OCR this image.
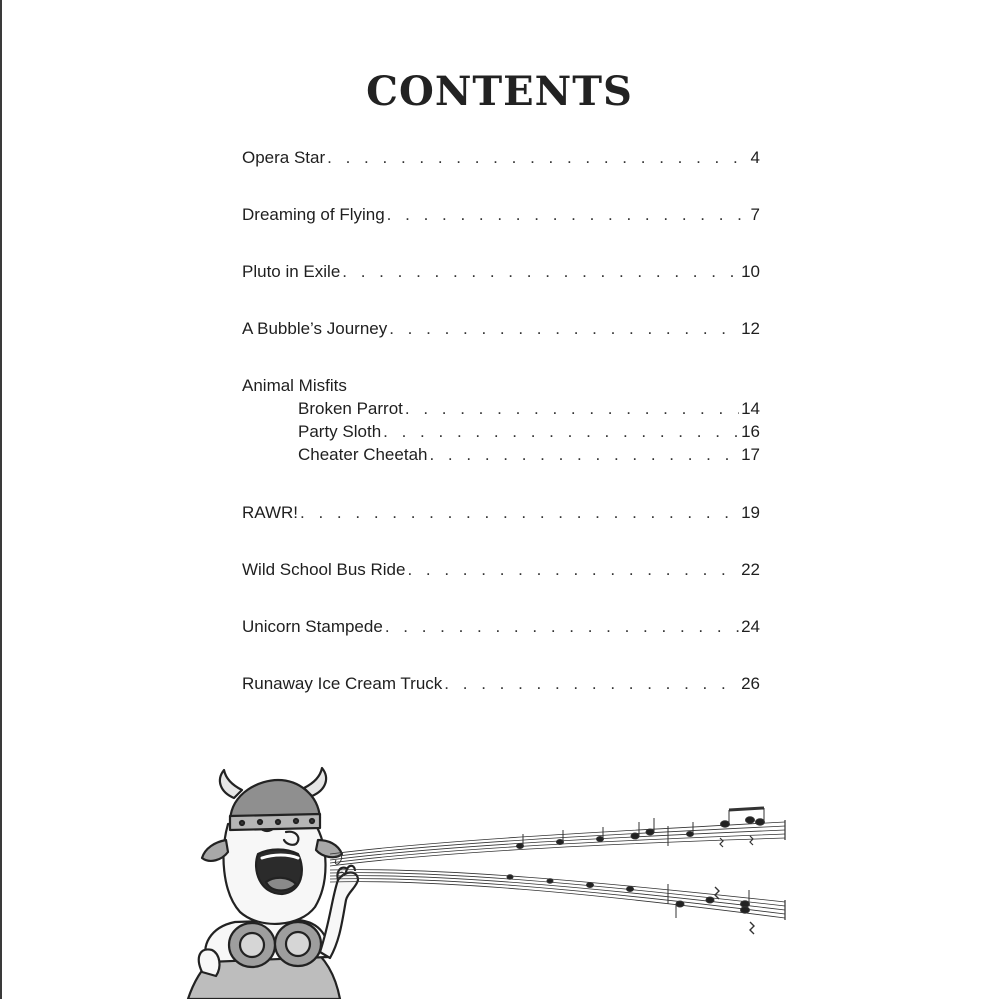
CONTENTS
Opera Star . . .	4
Dreaming of Flying . . .	7
Pluto in Exile . . .	10
A Bubble’s Journey . . .	12
Animal Misfits
Broken Parrot . . .	14
Party Sloth . . .	16
Cheater Cheetah . . .	17
RAWR! . . .	19
Wild School Bus Ride . . .	22
Unicorn Stampede . . .	24
Runaway Ice Cream Truck . . .	26
